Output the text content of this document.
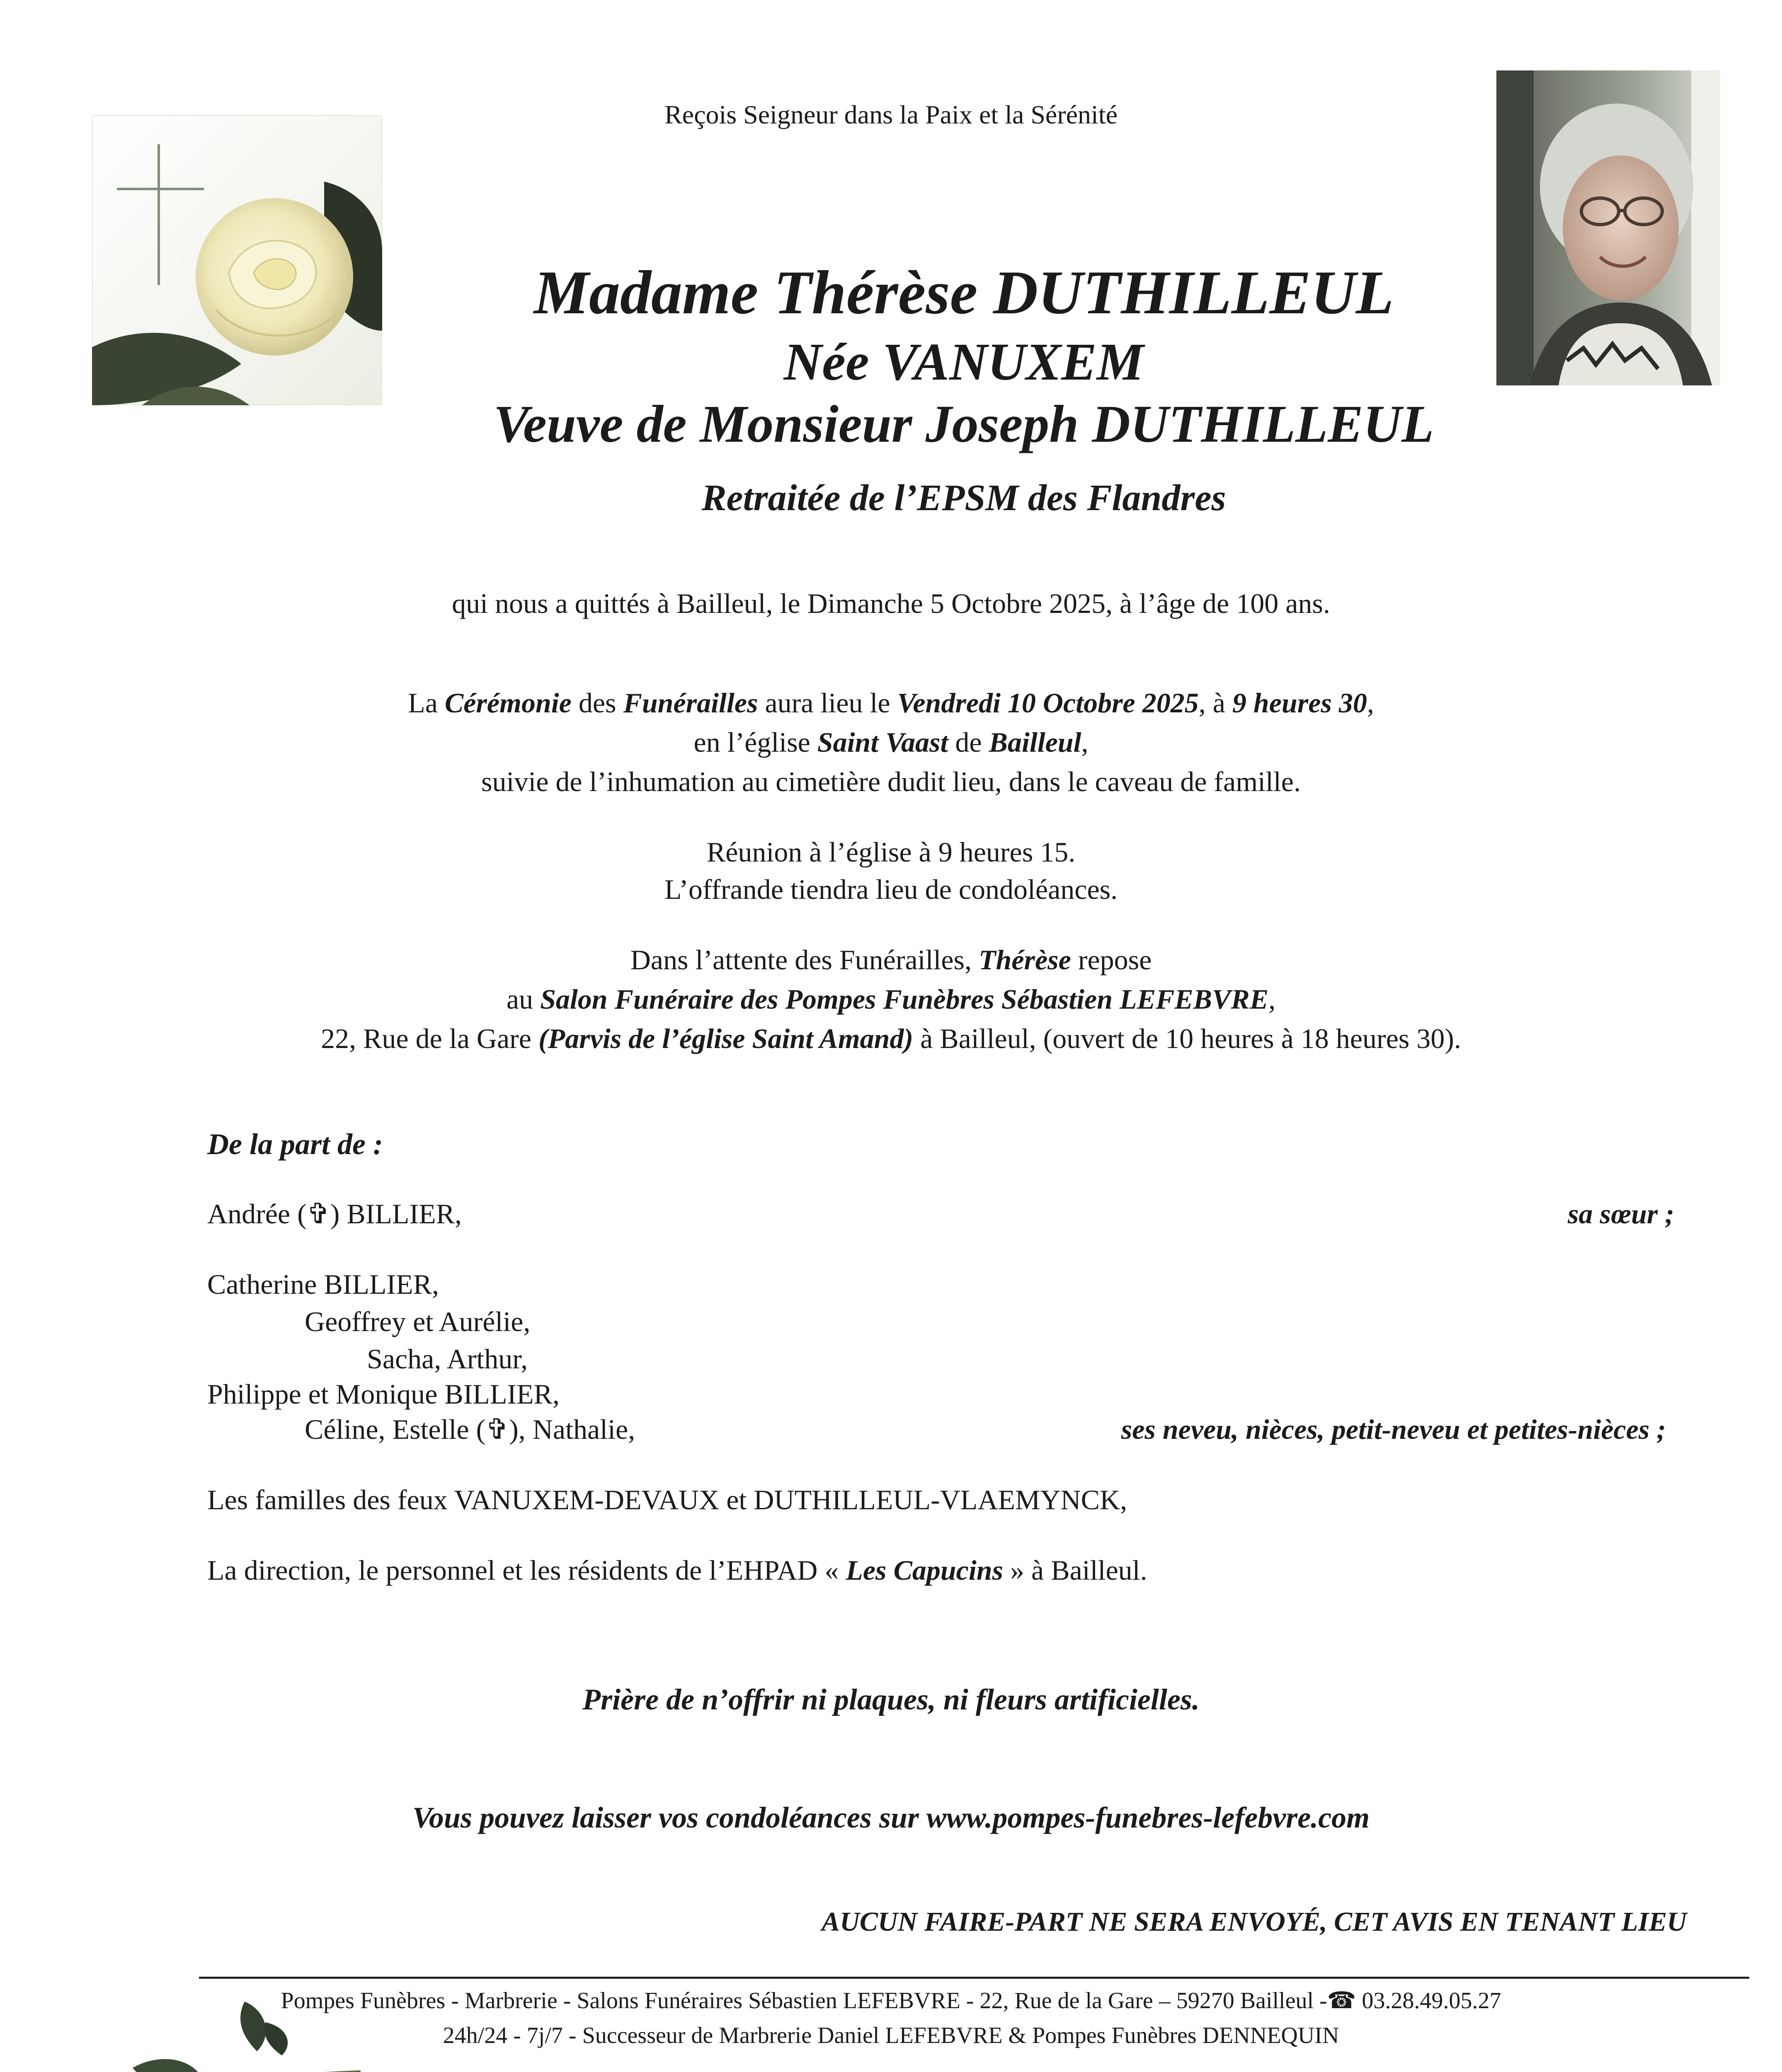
Reçois Seigneur dans la Paix et la Sérénité
Madame Thérèse DUTHILLEUL
Née VANUXEM
Veuve de Monsieur Joseph DUTHILLEUL
Retraitée de l’EPSM des Flandres
qui nous a quittés à Bailleul, le Dimanche 5 Octobre 2025, à l’âge de 100 ans.
La Cérémonie des Funérailles aura lieu le Vendredi 10 Octobre 2025, à 9 heures 30,
en l’église Saint Vaast de Bailleul,
suivie de l’inhumation au cimetière dudit lieu, dans le caveau de famille.
Réunion à l’église à 9 heures 15.
L’offrande tiendra lieu de condoléances.
Dans l’attente des Funérailles, Thérèse repose
au Salon Funéraire des Pompes Funèbres Sébastien LEFEBVRE,
22, Rue de la Gare (Parvis de l’église Saint Amand) à Bailleul, (ouvert de 10 heures à 18 heures 30).
De la part de :
Andrée (✞) BILLIER,	sa sœur ;
Catherine BILLIER,
Geoffrey et Aurélie,
Sacha, Arthur,
Philippe et Monique BILLIER,
Céline, Estelle (✞), Nathalie,	ses neveu, nièces, petit-neveu et petites-nièces ;
Les familles des feux VANUXEM-DEVAUX et DUTHILLEUL-VLAEMYNCK,
La direction, le personnel et les résidents de l’EHPAD « Les Capucins » à Bailleul.
Prière de n’offrir ni plaques, ni fleurs artificielles.
Vous pouvez laisser vos condoléances sur www.pompes-funebres-lefebvre.com
AUCUN FAIRE-PART NE SERA ENVOYÉ, CET AVIS EN TENANT LIEU
Pompes Funèbres - Marbrerie - Salons Funéraires Sébastien LEFEBVRE - 22, Rue de la Gare – 59270 Bailleul -☎ 03.28.49.05.27
24h/24 - 7j/7 - Successeur de Marbrerie Daniel LEFEBVRE & Pompes Funèbres DENNEQUIN
